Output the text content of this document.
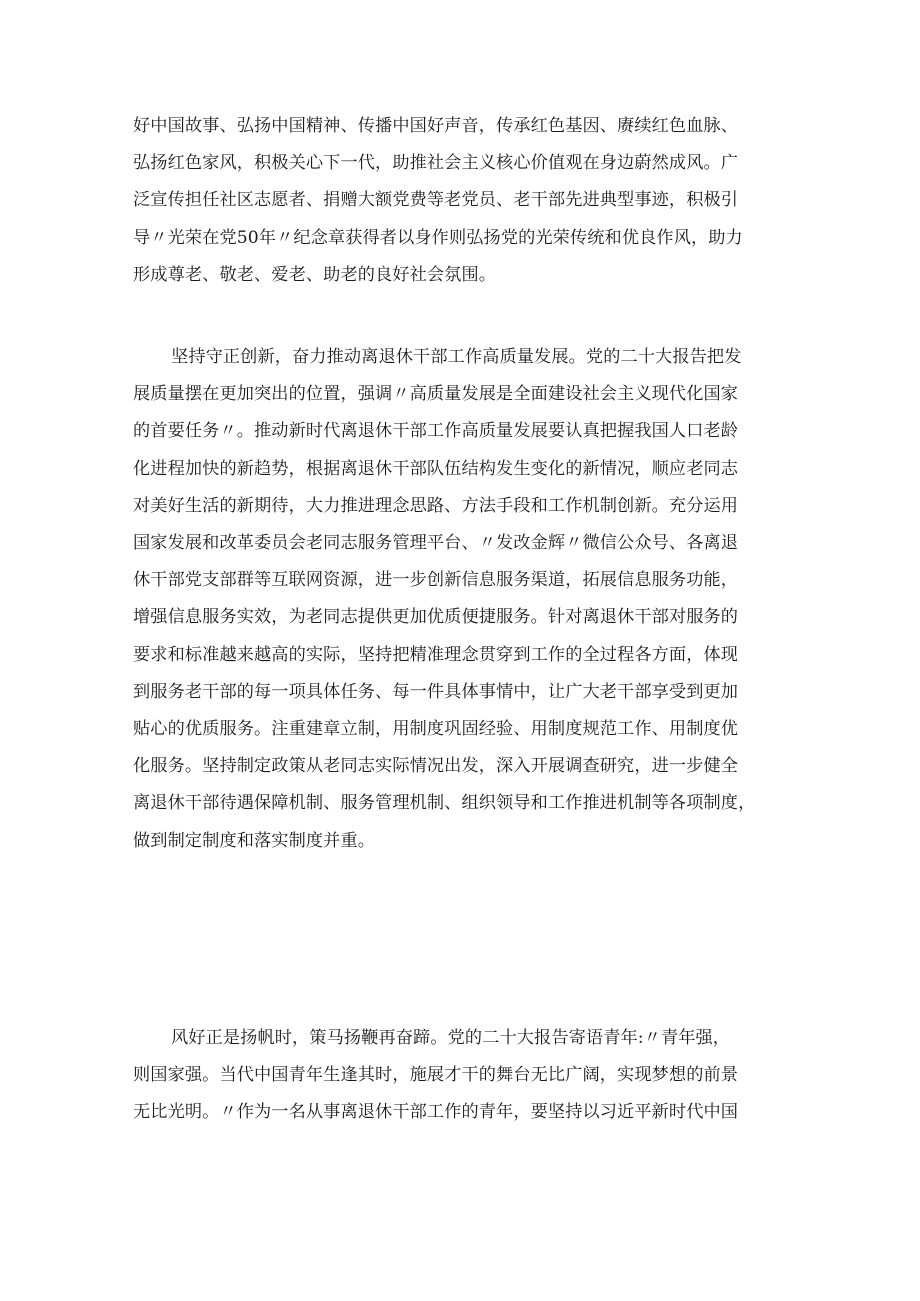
好中国故事、弘扬中国精神、传播中国好声音，传承红色基因、赓续红色血脉、
弘扬红色家风，积极关心下一代，助推社会主义核心价值观在身边蔚然成风。广
泛宣传担任社区志愿者、捐赠大额党费等老党员、老干部先进典型事迹，积极引
导〃光荣在党50年〃纪念章获得者以身作则弘扬党的光荣传统和优良作风，助力
形成尊老、敬老、爱老、助老的良好社会氛围。
坚持守正创新，奋力推动离退休干部工作高质量发展。党的二十大报告把发
展质量摆在更加突出的位置，强调〃高质量发展是全面建设社会主义现代化国家
的首要任务〃。推动新时代离退休干部工作高质量发展要认真把握我国人口老龄
化进程加快的新趋势，根据离退休干部队伍结构发生变化的新情况，顺应老同志
对美好生活的新期待，大力推进理念思路、方法手段和工作机制创新。充分运用
国家发展和改革委员会老同志服务管理平台、〃发改金辉〃微信公众号、各离退
休干部党支部群等互联网资源，进一步创新信息服务渠道，拓展信息服务功能，
增强信息服务实效，为老同志提供更加优质便捷服务。针对离退休干部对服务的
要求和标准越来越高的实际，坚持把精准理念贯穿到工作的全过程各方面，体现
到服务老干部的每一项具体任务、每一件具体事情中，让广大老干部享受到更加
贴心的优质服务。注重建章立制，用制度巩固经验、用制度规范工作、用制度优
化服务。坚持制定政策从老同志实际情况出发，深入开展调查研究，进一步健全
离退休干部待遇保障机制、服务管理机制、组织领导和工作推进机制等各项制度，
做到制定制度和落实制度并重。
风好正是扬帆时，策马扬鞭再奋蹄。党的二十大报告寄语青年:〃青年强，
则国家强。当代中国青年生逢其时，施展才干的舞台无比广阔，实现梦想的前景
无比光明。〃作为一名从事离退休干部工作的青年，要坚持以习近平新时代中国
